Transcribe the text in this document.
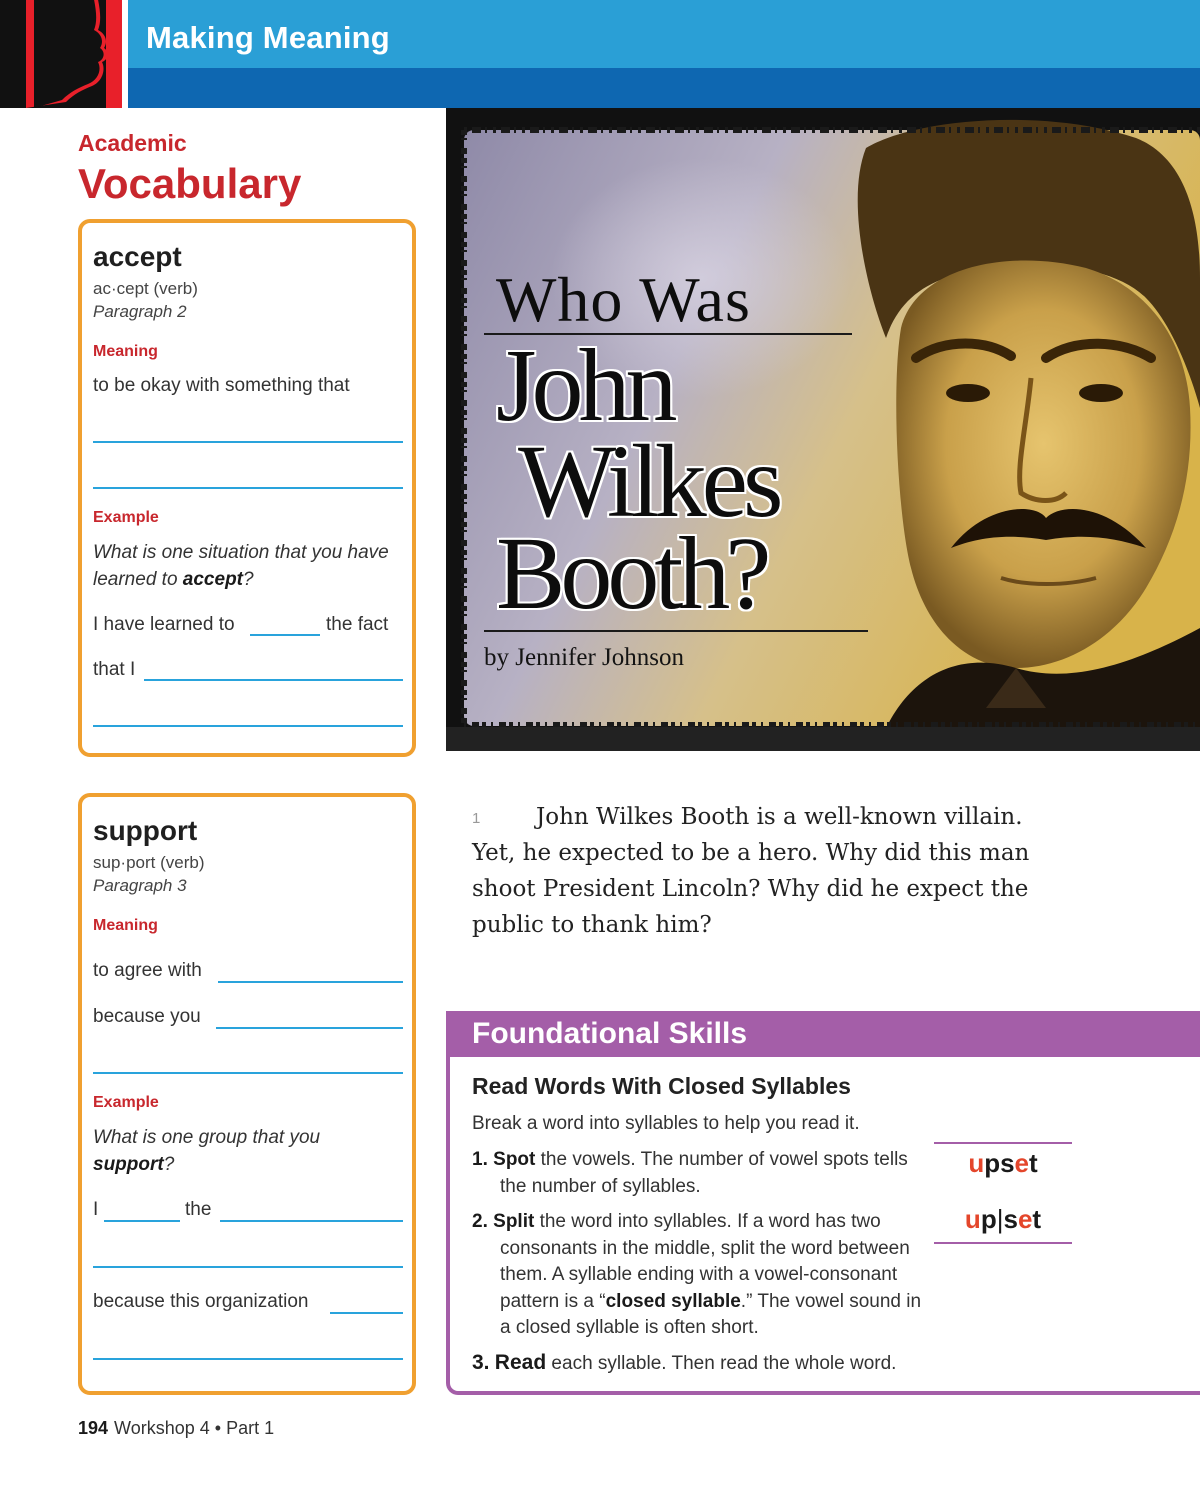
Making Meaning
Academic
Vocabulary
accept
ac·cept (verb)
Paragraph 2
Meaning
to be okay with something that
Example
What is one situation that you have learned to accept?
I have learned to	the fact
that I
support
sup·port (verb)
Paragraph 3
Meaning
to agree with
because you
Example
What is one group that you support?
I	the
because this organization
Who Was
John
Wilkes
Booth?
by Jennifer Johnson
1	John Wilkes Booth is a well-known villain. Yet, he expected to be a hero. Why did this man shoot President Lincoln? Why did he expect the public to thank him?
Foundational Skills
Read Words With Closed Syllables
Break a word into syllables to help you read it.
1. Spot the vowels. The number of vowel spots tells the number of syllables.
2. Split the word into syllables. If a word has two consonants in the middle, split the word between them. A syllable ending with a vowel-consonant pattern is a “closed syllable.” The vowel sound in a closed syllable is often short.
3. Read each syllable. Then read the whole word.
upset
up|set
194 Workshop 4 • Part 1
